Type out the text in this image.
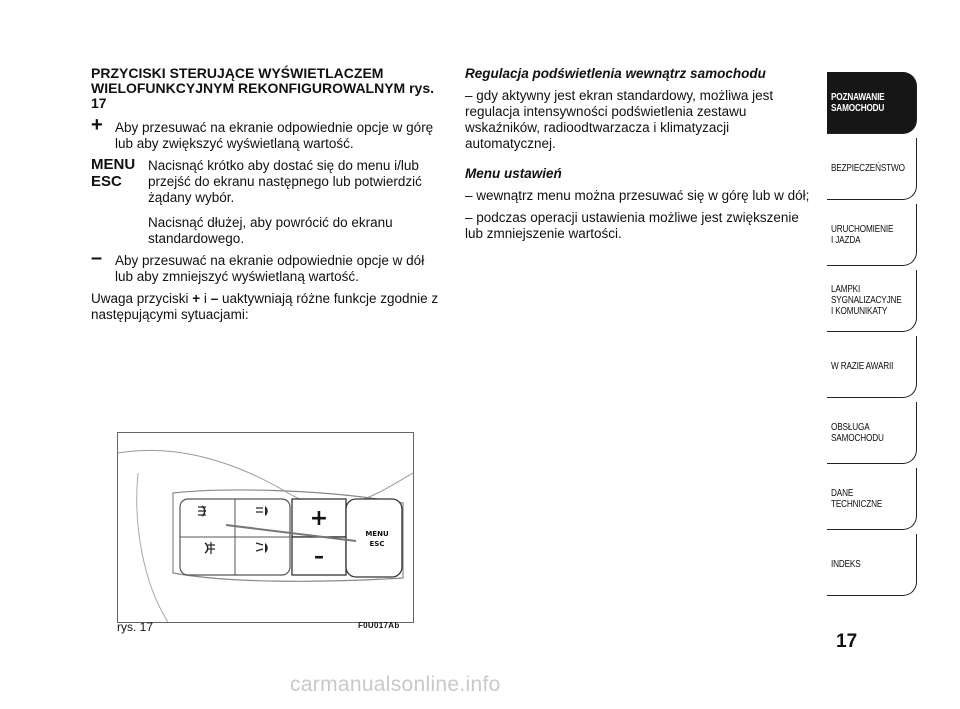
PRZYCISKI STERUJĄCE WYŚWIETLACZEM WIELOFUNKCYJNYM REKONFIGUROWALNYM rys. 17
+ Aby przesuwać na ekranie odpowiednie opcje w górę lub aby zwiększyć wyświetlaną wartość.
MENU ESC
Nacisnąć krótko aby dostać się do menu i/lub przejść do ekranu następnego lub potwierdzić żądany wybór.
Nacisnąć dłużej, aby powrócić do ekranu standardowego.
– Aby przesuwać na ekranie odpowiednie opcje w dół lub aby zmniejszyć wyświetlaną wartość.
Uwaga przyciski + i – uaktywniają różne funkcje zgodnie z następującymi sytuacjami:
Regulacja podświetlenia wewnątrz samochodu
– gdy aktywny jest ekran standardowy, możliwa jest regulacja intensywności podświetlenia zestawu wskaźników, radioodtwarzacza i klimatyzacji automatycznej.
Menu ustawień
– wewnątrz menu można przesuwać się w górę lub w dół;
– podczas operacji ustawienia możliwe jest zwiększenie lub zmniejszenie wartości.
+
–
MENU
ESC
rys. 17	F0U017Ab
POZNAWANIE
SAMOCHODU
BEZPIECZEŃSTWO
URUCHOMIENIE
I JAZDA
LAMPKI
SYGNALIZACYJNE
I KOMUNIKATY
W RAZIE AWARII
OBSŁUGA
SAMOCHODU
DANE
TECHNICZNE
INDEKS
17
carmanualsonline.info
